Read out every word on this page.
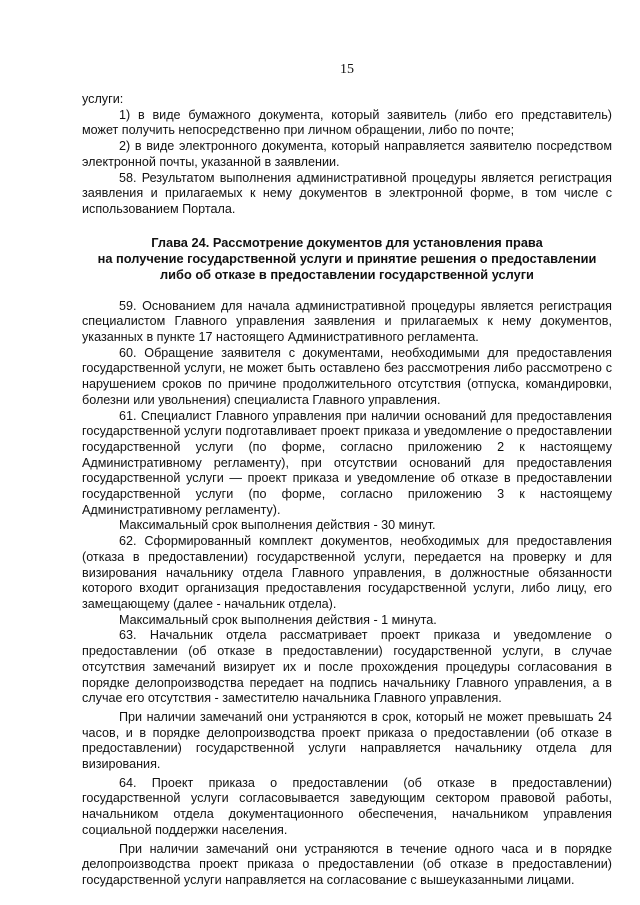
15

услуги:

1) в виде бумажного документа, который заявитель (либо его представитель) может получить непосредственно при личном обращении, либо по почте;

2) в виде электронного документа, который направляется заявителю посредством электронной почты, указанной в заявлении.

58. Результатом выполнения административной процедуры является регистрация заявления и прилагаемых к нему документов в электронной форме, в том числе с использованием Портала.

Глава 24. Рассмотрение документов для установления права
на получение государственной услуги и принятие решения о предоставлении
либо об отказе в предоставлении государственной услуги

59. Основанием для начала административной процедуры является регистрация специалистом Главного управления заявления и прилагаемых к нему документов, указанных в пункте 17 настоящего Административного регламента.

60. Обращение заявителя с документами, необходимыми для предоставления государственной услуги, не может быть оставлено без рассмотрения либо рассмотрено с нарушением сроков по причине продолжительного отсутствия (отпуска, командировки, болезни или увольнения) специалиста Главного управления.

61. Специалист Главного управления при наличии оснований для предоставления государственной услуги подготавливает проект приказа и уведомление о предоставлении государственной услуги (по форме, согласно приложению 2 к настоящему Административному регламенту), при отсутствии оснований для предоставления государственной услуги — проект приказа и уведомление об отказе в предоставлении государственной услуги (по форме, согласно приложению 3 к настоящему Административному регламенту).

Максимальный срок выполнения действия - 30 минут.

62. Сформированный комплект документов, необходимых для предоставления (отказа в предоставлении) государственной услуги, передается на проверку и для визирования начальнику отдела Главного управления, в должностные обязанности которого входит организация предоставления государственной услуги, либо лицу, его замещающему (далее - начальник отдела).

Максимальный срок выполнения действия - 1 минута.

63. Начальник отдела рассматривает проект приказа и уведомление о предоставлении (об отказе в предоставлении) государственной услуги, в случае отсутствия замечаний визирует их и после прохождения процедуры согласования в порядке делопроизводства передает на подпись начальнику Главного управления, а в случае его отсутствия - заместителю начальника Главного управления.

При наличии замечаний они устраняются в срок, который не может превышать 24 часов, и в порядке делопроизводства проект приказа о предоставлении (об отказе в предоставлении) государственной услуги направляется начальнику отдела для визирования.

64. Проект приказа о предоставлении (об отказе в предоставлении) государственной услуги согласовывается заведующим сектором правовой работы, начальником отдела документационного обеспечения, начальником управления социальной поддержки населения.

При наличии замечаний они устраняются в течение одного часа и в порядке делопроизводства проект приказа о предоставлении (об отказе в предоставлении) государственной услуги направляется на согласование с вышеуказанными лицами.
